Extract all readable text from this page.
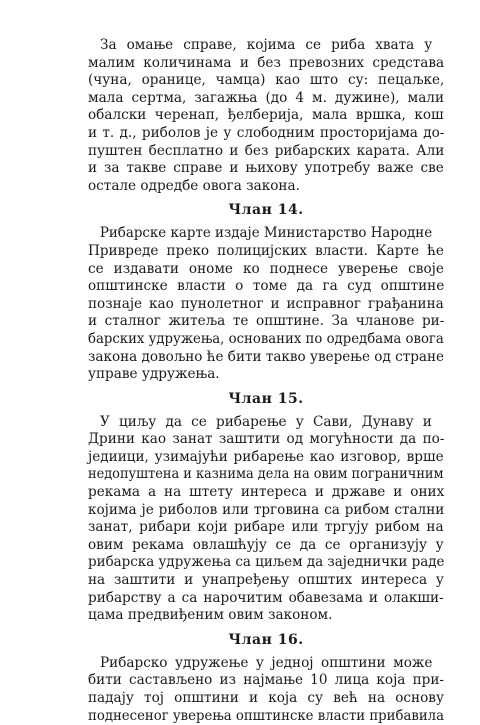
За омање справе, којима се риба хвата у
малим количинама и без превозних средстава
(чуна, оранице, чамца) као што су: пецаљке,
мала сертма, загажња (до 4 м. дужине), мали
обалски черенап, ђелберија, мала вршка, кош
и т. д., риболов је у слободним просторијама до-
пуштен бесплатно и без рибарских карата. Али
и за такве справе и њихову употребу важе све
остале одредбе овога закона.

Члан 14.

Рибарске карте издаје Министарство Народне
Привреде преко полицијских власти. Карте ће
се издавати ономе ко поднесе уверење своје
општинске власти о томе да га суд општине
познаје као пунолетног и исправног грађанина
и сталног житеља те општине. За чланове ри-
барских удружења, основаних по одредбама овога
закона довољно ће бити такво уверење од стране
управе удружења.

Члан 15.

У циљу да се рибарење у Сави, Дунаву и
Дрини као занат заштити од могућности да по-
једиици, узимајући рибарење као изговор, врше
недопуштена и казнима дела на овим пограничним
рекама а на штету интереса и државе и оних
којима је риболов или трговина са рибом стални
занат, рибари који рибаре или тргују рибом на
овим рекама овлашћују се да се организују у
рибарска удружења са циљем да заједнички раде
на заштити и унапређењу општих интереса у
рибарству а са нарочитим обавезама и олакши-
цама предвиђеним овим законом.

Члан 16.

Рибарско удружење у једној општини може
бити састављено из најмање 10 лица која при-
падају тој општини и која су већ на основу
поднесеног уверења општинске власти прибавила
